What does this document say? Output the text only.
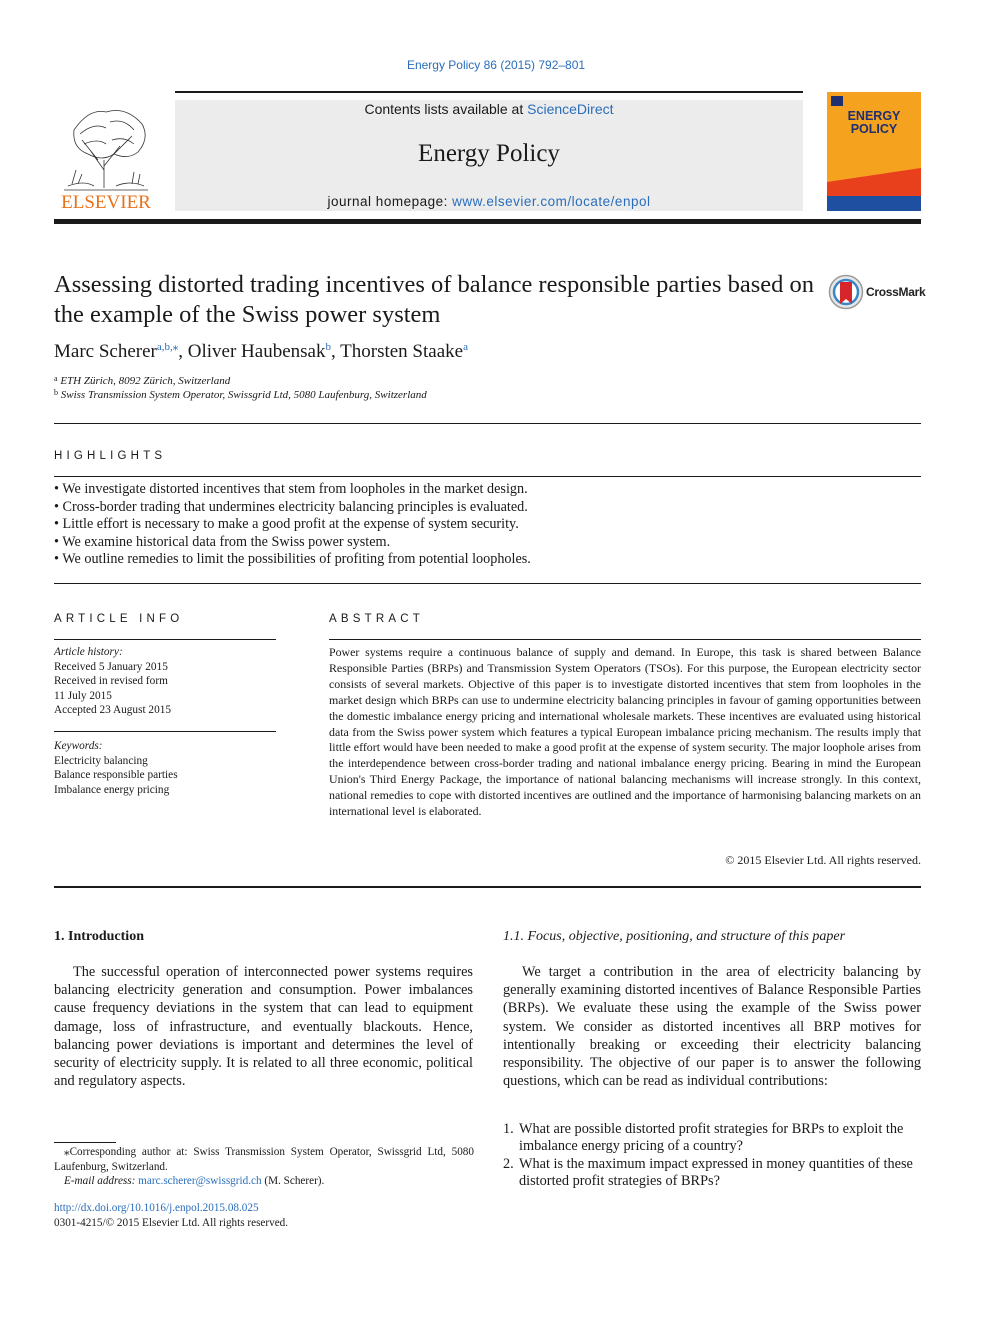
Energy Policy 86 (2015) 792–801
ELSEVIER
Contents lists available at ScienceDirect
Energy Policy
journal homepage: www.elsevier.com/locate/enpol
ENERGY
POLICY
Assessing distorted trading incentives of balance responsible parties based on the example of the Swiss power system
CrossMark
Marc Scherer$^{a,b,⁎}$, Oliver Haubensak$^b$, Thorsten Staake$^a$
$^a$ ETH Zürich, 8092 Zürich, Switzerland
$^b$ Swiss Transmission System Operator, Swissgrid Ltd, 5080 Laufenburg, Switzerland
HIGHLIGHTS
• We investigate distorted incentives that stem from loopholes in the market design.
• Cross-border trading that undermines electricity balancing principles is evaluated.
• Little effort is necessary to make a good profit at the expense of system security.
• We examine historical data from the Swiss power system.
• We outline remedies to limit the possibilities of profiting from potential loopholes.
ARTICLE INFO
Article history:
Received 5 January 2015
Received in revised form
11 July 2015
Accepted 23 August 2015
Keywords:
Electricity balancing
Balance responsible parties
Imbalance energy pricing
ABSTRACT
Power systems require a continuous balance of supply and demand. In Europe, this task is shared between Balance Responsible Parties (BRPs) and Transmission System Operators (TSOs). For this purpose, the European electricity sector consists of several markets. Objective of this paper is to investigate distorted incentives that stem from loopholes in the market design which BRPs can use to undermine electricity balancing principles in favour of gaming opportunities between the domestic imbalance energy pricing and international wholesale markets. These incentives are evaluated using historical data from the Swiss power system which features a typical European imbalance pricing mechanism. The results imply that little effort would have been needed to make a good profit at the expense of system security. The major loophole arises from the interdependence between cross-border trading and national imbalance energy pricing. Bearing in mind the European Union's Third Energy Package, the importance of national balancing mechanisms will increase strongly. In this context, national remedies to cope with distorted incentives are outlined and the importance of harmonising balancing markets on an international level is elaborated.
© 2015 Elsevier Ltd. All rights reserved.
1. Introduction
The successful operation of interconnected power systems requires balancing electricity generation and consumption. Power imbalances cause frequency deviations in the system that can lead to equipment damage, loss of infrastructure, and eventually blackouts. Hence, balancing power deviations is important and determines the level of security of electricity supply. It is related to all three economic, political and regulatory aspects.
1.1. Focus, objective, positioning, and structure of this paper
We target a contribution in the area of electricity balancing by generally examining distorted incentives of Balance Responsible Parties (BRPs). We evaluate these using the example of the Swiss power system. We consider as distorted incentives all BRP motives for intentionally breaking or exceeding their electricity balancing responsibility. The objective of our paper is to answer the following questions, which can be read as individual contributions:
1. What are possible distorted profit strategies for BRPs to exploit the imbalance energy pricing of a country?
2. What is the maximum impact expressed in money quantities of these distorted profit strategies of BRPs?
⁎Corresponding author at: Swiss Transmission System Operator, Swissgrid Ltd, 5080 Laufenburg, Switzerland.
E-mail address: marc.scherer@swissgrid.ch (M. Scherer).
http://dx.doi.org/10.1016/j.enpol.2015.08.025
0301-4215/© 2015 Elsevier Ltd. All rights reserved.
